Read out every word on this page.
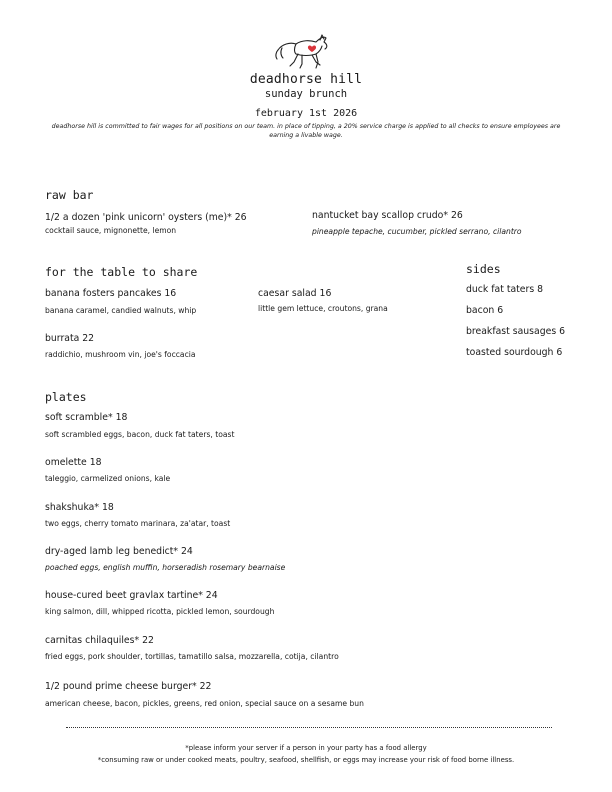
deadhorse hill
sunday brunch
february 1st 2026
deadhorse hill is committed to fair wages for all positions on our team. in place of tipping, a 20% service charge is applied to all checks to ensure employees are earning a livable wage.
raw bar
1/2 a dozen 'pink unicorn' oysters (me)* 26
cocktail sauce, mignonette, lemon
nantucket bay scallop crudo* 26
pineapple tepache, cucumber, pickled serrano, cilantro
for the table to share
banana fosters pancakes 16
banana caramel, candied walnuts, whip
caesar salad 16
little gem lettuce, croutons, grana
burrata 22
raddichio, mushroom vin, joe's foccacia
sides
duck fat taters 8
bacon 6
breakfast sausages 6
toasted sourdough 6
plates
soft scramble* 18
soft scrambled eggs, bacon, duck fat taters, toast
omelette 18
taleggio, carmelized onions, kale
shakshuka* 18
two eggs, cherry tomato marinara, za'atar, toast
dry-aged lamb leg benedict* 24
poached eggs, english muffin, horseradish rosemary bearnaise
house-cured beet gravlax tartine* 24
king salmon, dill, whipped ricotta, pickled lemon, sourdough
carnitas chilaquiles* 22
fried eggs, pork shoulder, tortillas, tamatillo salsa, mozzarella, cotija, cilantro
1/2 pound prime cheese burger* 22
american cheese, bacon, pickles, greens, red onion, special sauce on a sesame bun
*please inform your server if a person in your party has a food allergy
*consuming raw or under cooked meats, poultry, seafood, shellfish, or eggs may increase your risk of food borne illness.
